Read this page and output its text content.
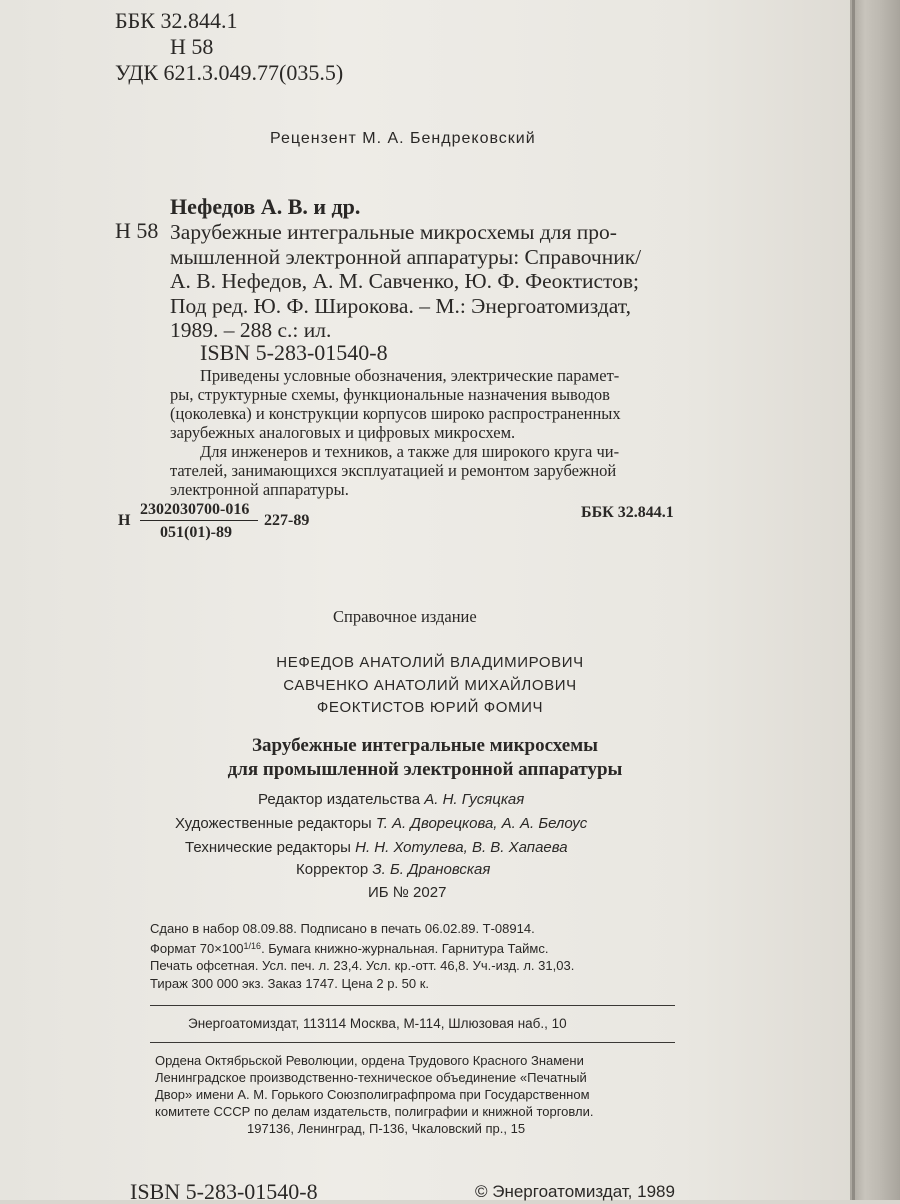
ББК 32.844.1
Н 58
УДК 621.3.049.77(035.5)
Рецензент М. А. Бендрековский
Нефедов А. В. и др.
Н 58 Зарубежные интегральные микросхемы для про-
мышленной электронной аппаратуры: Справочник/
А. В. Нефедов, А. М. Савченко, Ю. Ф. Феоктистов;
Под ред. Ю. Ф. Широкова. – М.: Энергоатомиздат,
1989. – 288 с.: ил.
ISBN 5-283-01540-8
Приведены условные обозначения, электрические парамет-
ры, структурные схемы, функциональные назначения выводов
(цоколевка) и конструкции корпусов широко распространенных
зарубежных аналоговых и цифровых микросхем.
Для инженеров и техников, а также для широкого круга чи-
тателей, занимающихся эксплуатацией и ремонтом зарубежной
электронной аппаратуры.
Н
2302030700-016
051(01)-89
227-89	ББК 32.844.1
Справочное издание
НЕФЕДОВ АНАТОЛИЙ ВЛАДИМИРОВИЧ
САВЧЕНКО АНАТОЛИЙ МИХАЙЛОВИЧ
ФЕОКТИСТОВ ЮРИЙ ФОМИЧ
Зарубежные интегральные микросхемы
для промышленной электронной аппаратуры
Редактор издательства А. Н. Гусяцкая
Художественные редакторы Т. А. Дворецкова, А. А. Белоус
Технические редакторы Н. Н. Хотулева, В. В. Хапаева
Корректор З. Б. Драновская
ИБ № 2027
Сдано в набор 08.09.88. Подписано в печать 06.02.89. Т-08914.
Формат $70\times 100^{1/16}$. Бумага книжно-журнальная. Гарнитура Таймс.
Печать офсетная. Усл. печ. л. 23,4. Усл. кр.-отт. 46,8. Уч.-изд. л. 31,03.
Тираж 300 000 экз. Заказ 1747. Цена 2 р. 50 к.
Энергоатомиздат, 113114 Москва, М-114, Шлюзовая наб., 10
Ордена Октябрьской Революции, ордена Трудового Красного Знамени
Ленинградское производственно-техническое объединение «Печатный
Двор» имени А. М. Горького Союзполиграфпрома при Государственном
комитете СССР по делам издательств, полиграфии и книжной торговли.
197136, Ленинград, П-136, Чкаловский пр., 15
ISBN 5-283-01540-8	© Энергоатомиздат, 1989
